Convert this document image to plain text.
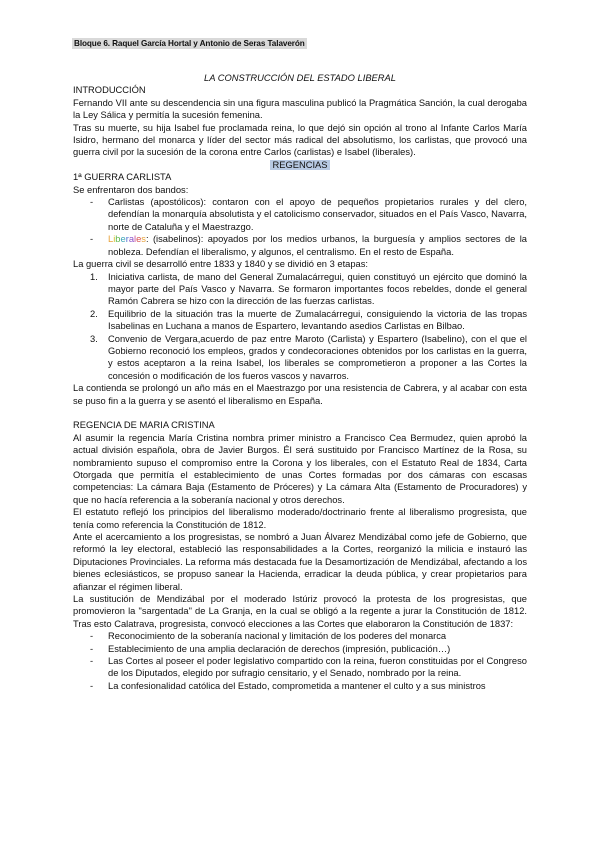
Bloque 6. Raquel García Hortal y Antonio de Seras Talaverón

LA CONSTRUCCIÓN DEL ESTADO LIBERAL

INTRODUCCIÓN

Fernando VII ante su descendencia sin una figura masculina publicó la Pragmática Sanción, la cual derogaba la Ley Sálica y permitía la sucesión femenina.

Tras su muerte, su hija Isabel fue proclamada reina, lo que dejó sin opción al trono al Infante Carlos María Isidro, hermano del monarca y líder del sector más radical del absolutismo, los carlistas, que provocó una guerra civil por la sucesión de la corona entre Carlos (carlistas) e Isabel (liberales).

REGENCIAS

1ª GUERRA CARLISTA

Se enfrentaron dos bandos:

- Carlistas (apostólicos): contaron con el apoyo de pequeños propietarios rurales y del clero, defendían la monarquía absolutista y el catolicismo conservador, situados en el País Vasco, Navarra, norte de Cataluña y el Maestrazgo.
- Liberales: (isabelinos): apoyados por los medios urbanos, la burguesía y amplios sectores de la nobleza. Defendían el liberalismo, y algunos, el centralismo. En el resto de España.

La guerra civil se desarrolló entre 1833 y 1840 y se dividió en 3 etapas:

1. Iniciativa carlista, de mano del General Zumalacárregui, quien constituyó un ejército que dominó la mayor parte del País Vasco y Navarra. Se formaron importantes focos rebeldes, donde el general Ramón Cabrera se hizo con la dirección de las fuerzas carlistas.
2. Equilibrio de la situación tras la muerte de Zumalacárregui, consiguiendo la victoria de las tropas Isabelinas en Luchana a manos de Espartero, levantando asedios Carlistas en Bilbao.
3. Convenio de Vergara,acuerdo de paz entre Maroto (Carlista) y Espartero (Isabelino), con el que el Gobierno reconoció los empleos, grados y condecoraciones obtenidos por los carlistas en la guerra, y estos aceptaron a la reina Isabel, los liberales se comprometieron a proponer a las Cortes la concesión o modificación de los fueros vascos y navarros.

La contienda se prolongó un año más en el Maestrazgo por una resistencia de Cabrera, y al acabar con esta se puso fin a la guerra y se asentó el liberalismo en España.

REGENCIA DE MARIA CRISTINA

Al asumir la regencia María Cristina nombra primer ministro a Francisco Cea Bermudez, quien aprobó la actual división española, obra de Javier Burgos. Él será sustituido por Francisco Martínez de la Rosa, su nombramiento supuso el compromiso entre la Corona y los liberales, con el Estatuto Real de 1834, Carta Otorgada que permitía el establecimiento de unas Cortes formadas por dos cámaras con escasas competencias: La cámara Baja (Estamento de Próceres) y La cámara Alta (Estamento de Procuradores) y que no hacía referencia a la soberanía nacional y otros derechos.

El estatuto reflejó los principios del liberalismo moderado/doctrinario frente al liberalismo progresista, que tenía como referencia la Constitución de 1812.

Ante el acercamiento a los progresistas, se nombró a Juan Álvarez Mendizábal como jefe de Gobierno, que reformó la ley electoral, estableció las responsabilidades a la Cortes, reorganizó la milicia e instauró las Diputaciones Provinciales. La reforma más destacada fue la Desamortización de Mendizábal, afectando a los bienes eclesiásticos, se propuso sanear la Hacienda, erradicar la deuda pública, y crear propietarios para afianzar el régimen liberal.

La sustitución de Mendizábal por el moderado Istúriz provocó la protesta de los progresistas, que promovieron la "sargentada" de La Granja, en la cual se obligó a la regente a jurar la Constitución de 1812. Tras esto Calatrava, progresista, convocó elecciones a las Cortes que elaboraron la Constitución de 1837:

- Reconocimiento de la soberanía nacional y limitación de los poderes del monarca
- Establecimiento de una amplia declaración de derechos (impresión, publicación…)
- Las Cortes al poseer el poder legislativo compartido con la reina, fueron constituidas por el Congreso de los Diputados, elegido por sufragio censitario, y el Senado, nombrado por la reina.
- La confesionalidad católica del Estado, comprometida a mantener el culto y a sus ministros
